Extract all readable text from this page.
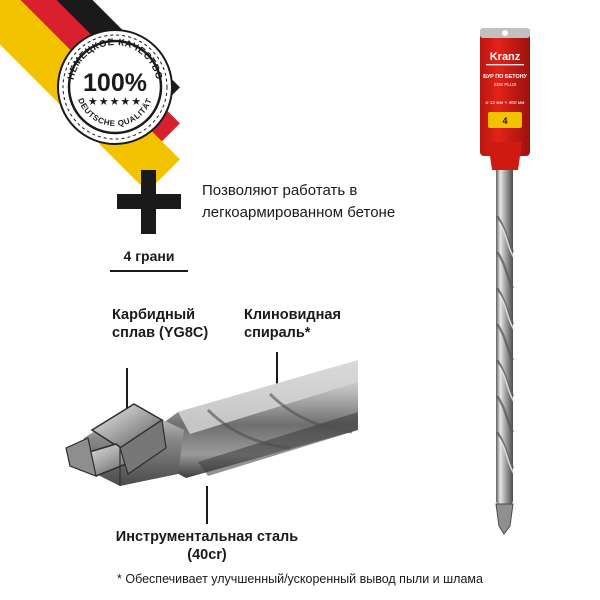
НЕМЕЦКОЕ КАЧЕСТВО
DEUTSCHE QUALITÄT
100%
★★★★★
4 грани
Позволяют работать в легкоармированном бетоне
Карбидный сплав (YG8C)
Клиновидная спираль*
Инструментальная сталь (40cr)
* Обеспечивает улучшенный/ускоренный вывод пыли и шлама
Kranz
БУР ПО БЕТОНУ
SDS PLUS
⌀ 12 мм × 460 мм
4
